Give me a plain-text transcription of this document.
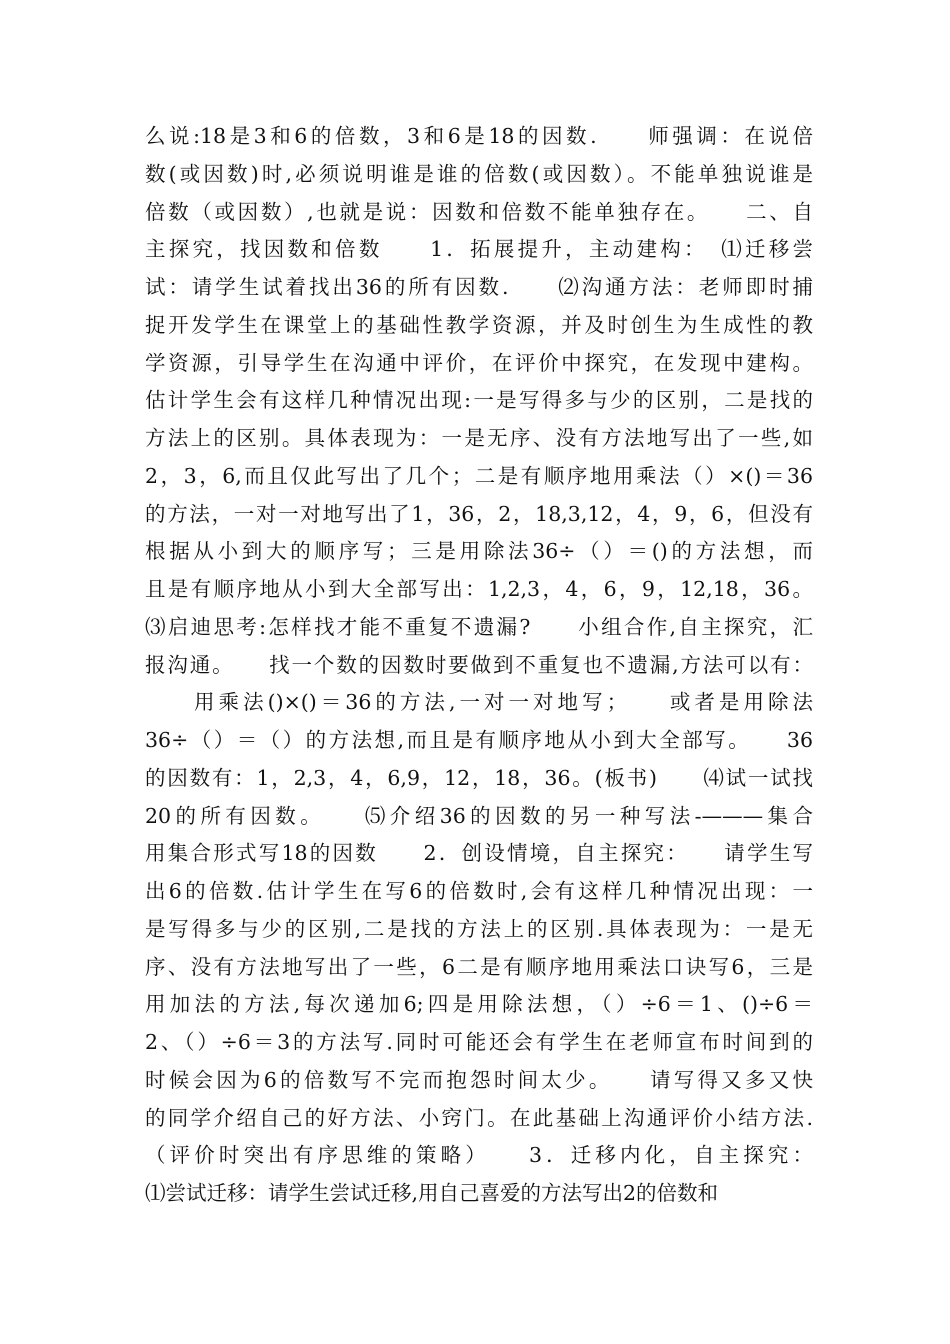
么说:18是3和6的倍数，3和6是18的因数.　　师强调：在说倍
数(或因数)时,必须说明谁是谁的倍数(或因数）。不能单独说谁是
倍数（或因数）,也就是说：因数和倍数不能单独存在。　　二、自
主探究，找因数和倍数　　1．拓展提升，主动建构：　⑴迁移尝
试：请学生试着找出36的所有因数.　　⑵沟通方法：老师即时捕
捉开发学生在课堂上的基础性教学资源，并及时创生为生成性的教
学资源，引导学生在沟通中评价，在评价中探究，在发现中建构。
估计学生会有这样几种情况出现:一是写得多与少的区别，二是找的
方法上的区别。具体表现为：一是无序、没有方法地写出了一些,如
2，3，6,而且仅此写出了几个；二是有顺序地用乘法（）×()＝36
的方法，一对一对地写出了1，36，2，18,3,12，4，9，6，但没有
根据从小到大的顺序写；三是用除法36÷（）＝()的方法想，而
且是有顺序地从小到大全部写出：1,2,3，4，6，9，12,18，36。
⑶启迪思考:怎样找才能不重复不遗漏?　　小组合作,自主探究，汇
报沟通。　　找一个数的因数时要做到不重复也不遗漏,方法可以有：
　　用乘法()×()＝36的方法,一对一对地写；　　或者是用除法
36÷（）＝（）的方法想,而且是有顺序地从小到大全部写。　　36
的因数有：1，2,3，4，6,9，12，18，36。(板书)　　⑷试一试找
20的所有因数。　　⑸介绍36的因数的另一种写法-———集合
用集合形式写18的因数　　2．创设情境，自主探究：　　请学生写
出6的倍数.估计学生在写6的倍数时,会有这样几种情况出现：一
是写得多与少的区别,二是找的方法上的区别.具体表现为：一是无
序、没有方法地写出了一些，6二是有顺序地用乘法口诀写6，三是
用加法的方法,每次递加6;四是用除法想，（）÷6＝1、()÷6＝
2、（）÷6＝3的方法写.同时可能还会有学生在老师宣布时间到的
时候会因为6的倍数写不完而抱怨时间太少。　　请写得又多又快
的同学介绍自己的好方法、小窍门。在此基础上沟通评价小结方法.
（评价时突出有序思维的策略）　　3．迁移内化，自主探究：
⑴尝试迁移：请学生尝试迁移,用自己喜爱的方法写出2的倍数和
